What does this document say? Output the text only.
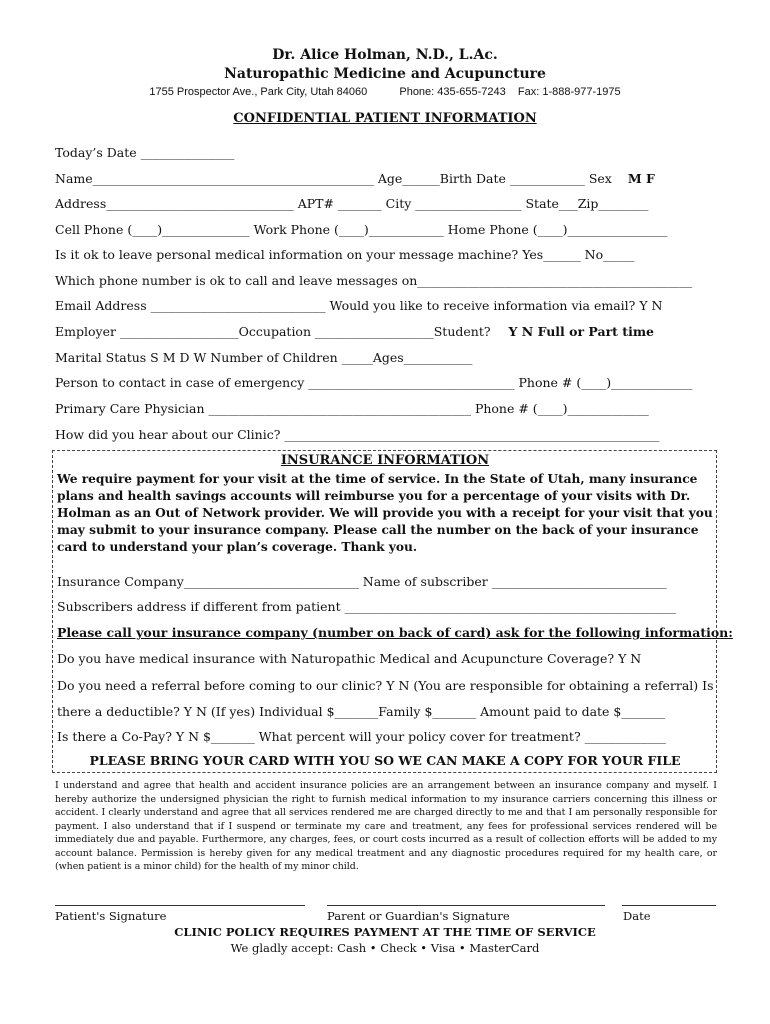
Dr. Alice Holman, N.D., L.Ac.
Naturopathic Medicine and Acupuncture
1755 Prospector Ave., Park City, Utah 84060	Phone: 435-655-7243 Fax: 1-888-977-1975
CONFIDENTIAL PATIENT INFORMATION
Today’s Date _______________
Name_____________________________________________ Age______Birth Date ____________ Sex M F
Address______________________________ APT# _______ City _________________ State___Zip________
Cell Phone (____)______________ Work Phone (____)____________ Home Phone (____)________________
Is it ok to leave personal medical information on your message machine? Yes______ No_____
Which phone number is ok to call and leave messages on____________________________________________
Email Address ____________________________ Would you like to receive information via email? Y N
Employer ___________________Occupation ___________________Student? Y N Full or Part time
Marital Status S M D W Number of Children _____Ages___________
Person to contact in case of emergency _________________________________ Phone # (____)_____________
Primary Care Physician __________________________________________ Phone # (____)_____________
How did you hear about our Clinic? ____________________________________________________________
INSURANCE INFORMATION
We require payment for your visit at the time of service. In the State of Utah, many insurance plans and health savings accounts will reimburse you for a percentage of your visits with Dr. Holman as an Out of Network provider. We will provide you with a receipt for your visit that you may submit to your insurance company. Please call the number on the back of your insurance card to understand your plan’s coverage. Thank you.
Insurance Company____________________________ Name of subscriber ____________________________
Subscribers address if different from patient _____________________________________________________
Please call your insurance company (number on back of card) ask for the following information:
Do you have medical insurance with Naturopathic Medical and Acupuncture Coverage? Y N
Do you need a referral before coming to our clinic? Y N (You are responsible for obtaining a referral) Is
there a deductible? Y N (If yes) Individual $_______Family $_______ Amount paid to date $_______
Is there a Co-Pay? Y N $_______ What percent will your policy cover for treatment? _____________
PLEASE BRING YOUR CARD WITH YOU SO WE CAN MAKE A COPY FOR YOUR FILE
I understand and agree that health and accident insurance policies are an arrangement between an insurance company and myself. I hereby authorize the undersigned physician the right to furnish medical information to my insurance carriers concerning this illness or accident. I clearly understand and agree that all services rendered me are charged directly to me and that I am personally responsible for payment. I also understand that if I suspend or terminate my care and treatment, any fees for professional services rendered will be immediately due and payable. Furthermore, any charges, fees, or court costs incurred as a result of collection efforts will be added to my account balance. Permission is hereby given for any medical treatment and any diagnostic procedures required for my health care, or (when patient is a minor child) for the health of my minor child.
Patient's Signature	Parent or Guardian's Signature	Date
CLINIC POLICY REQUIRES PAYMENT AT THE TIME OF SERVICE
We gladly accept: Cash • Check • Visa • MasterCard
